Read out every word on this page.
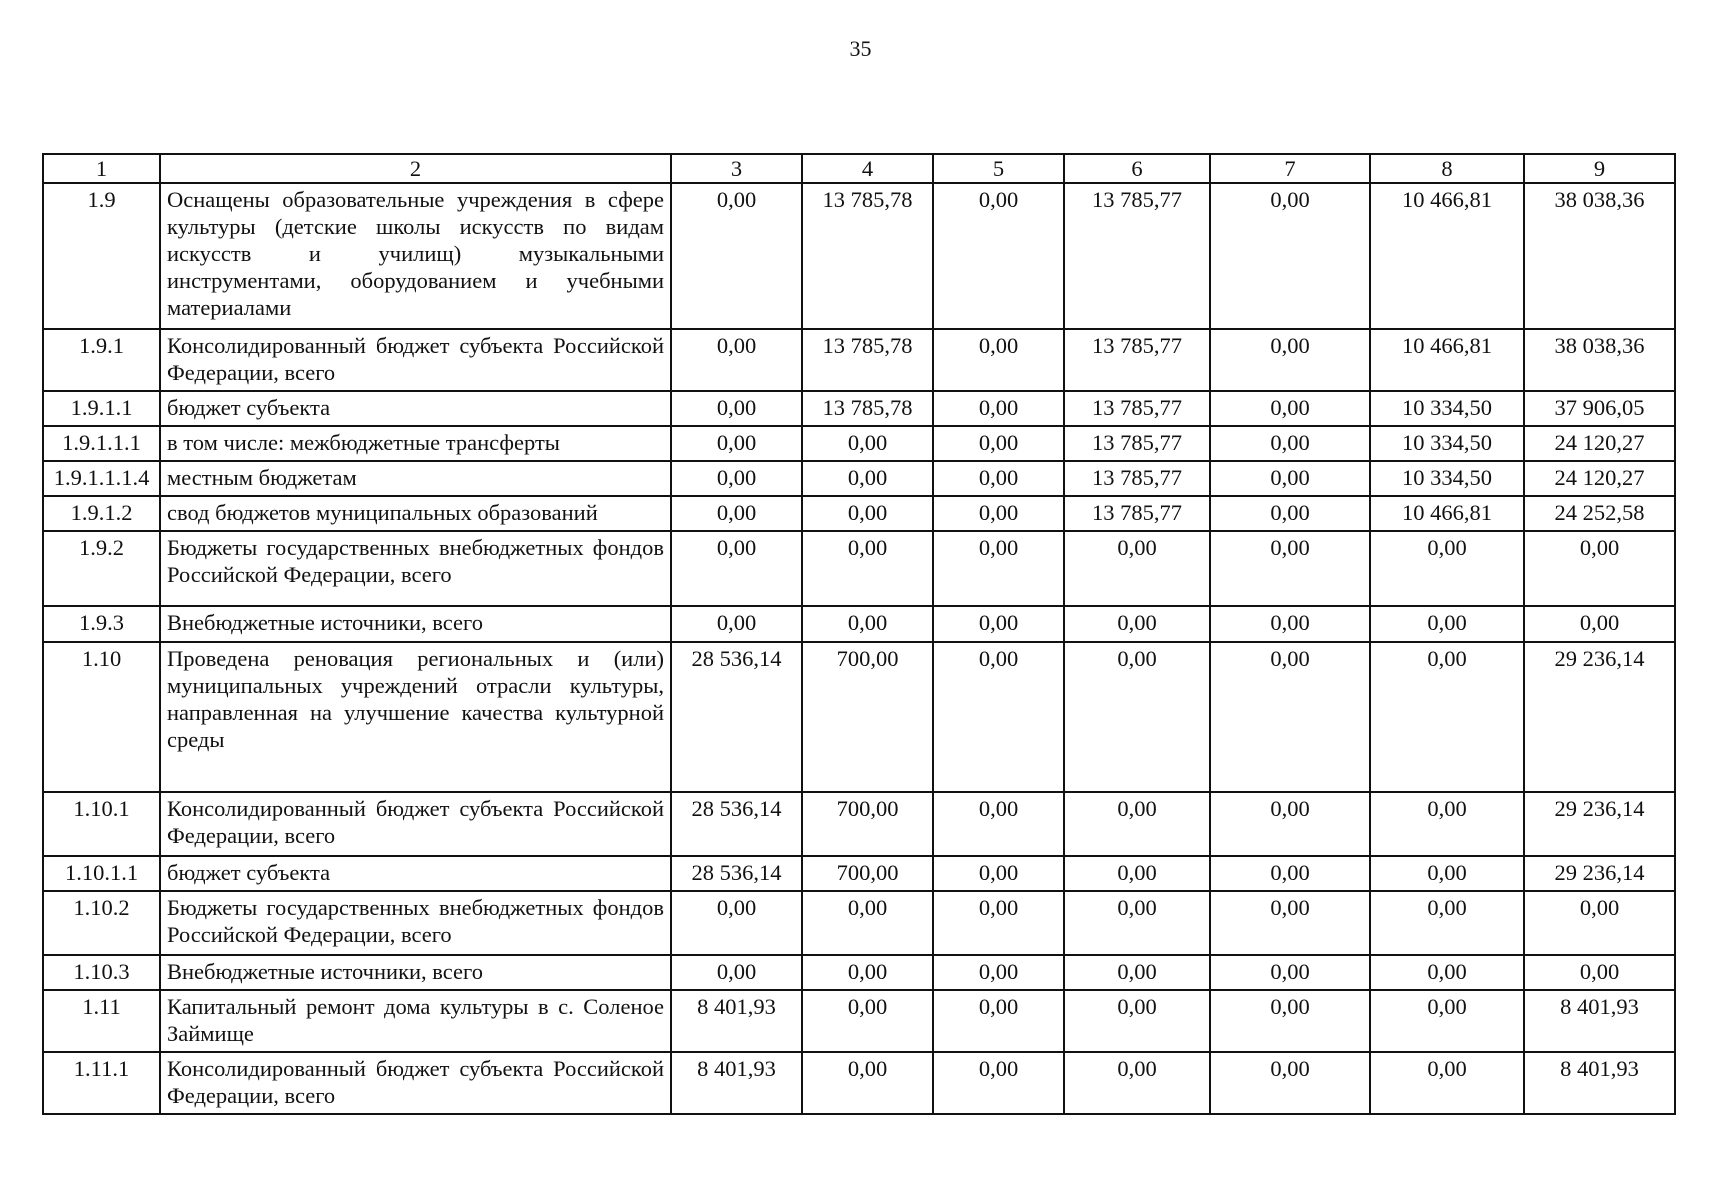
35
1	2	3	4	5	6	7	8	9
1.9	Оснащены образовательные учреждения в сфере культуры (детские школы искусств по видам искусств и училищ) музыкальными инструментами, оборудованием и учебными материалами	0,00	13 785,78	0,00	13 785,77	0,00	10 466,81	38 038,36
1.9.1	Консолидированный бюджет субъекта Российской Федерации, всего	0,00	13 785,78	0,00	13 785,77	0,00	10 466,81	38 038,36
1.9.1.1	бюджет субъекта	0,00	13 785,78	0,00	13 785,77	0,00	10 334,50	37 906,05
1.9.1.1.1	в том числе: межбюджетные трансферты	0,00	0,00	0,00	13 785,77	0,00	10 334,50	24 120,27
1.9.1.1.1.4	местным бюджетам	0,00	0,00	0,00	13 785,77	0,00	10 334,50	24 120,27
1.9.1.2	свод бюджетов муниципальных образований	0,00	0,00	0,00	13 785,77	0,00	10 466,81	24 252,58
1.9.2	Бюджеты государственных внебюджетных фондов Российской Федерации, всего	0,00	0,00	0,00	0,00	0,00	0,00	0,00
1.9.3	Внебюджетные источники, всего	0,00	0,00	0,00	0,00	0,00	0,00	0,00
1.10	Проведена реновация региональных и (или) муниципальных учреждений отрасли культуры, направленная на улучшение качества культурной среды	28 536,14	700,00	0,00	0,00	0,00	0,00	29 236,14
1.10.1	Консолидированный бюджет субъекта Российской Федерации, всего	28 536,14	700,00	0,00	0,00	0,00	0,00	29 236,14
1.10.1.1	бюджет субъекта	28 536,14	700,00	0,00	0,00	0,00	0,00	29 236,14
1.10.2	Бюджеты государственных внебюджетных фондов Российской Федерации, всего	0,00	0,00	0,00	0,00	0,00	0,00	0,00
1.10.3	Внебюджетные источники, всего	0,00	0,00	0,00	0,00	0,00	0,00	0,00
1.11	Капитальный ремонт дома культуры в с. Соленое Займище	8 401,93	0,00	0,00	0,00	0,00	0,00	8 401,93
1.11.1	Консолидированный бюджет субъекта Российской Федерации, всего	8 401,93	0,00	0,00	0,00	0,00	0,00	8 401,93
